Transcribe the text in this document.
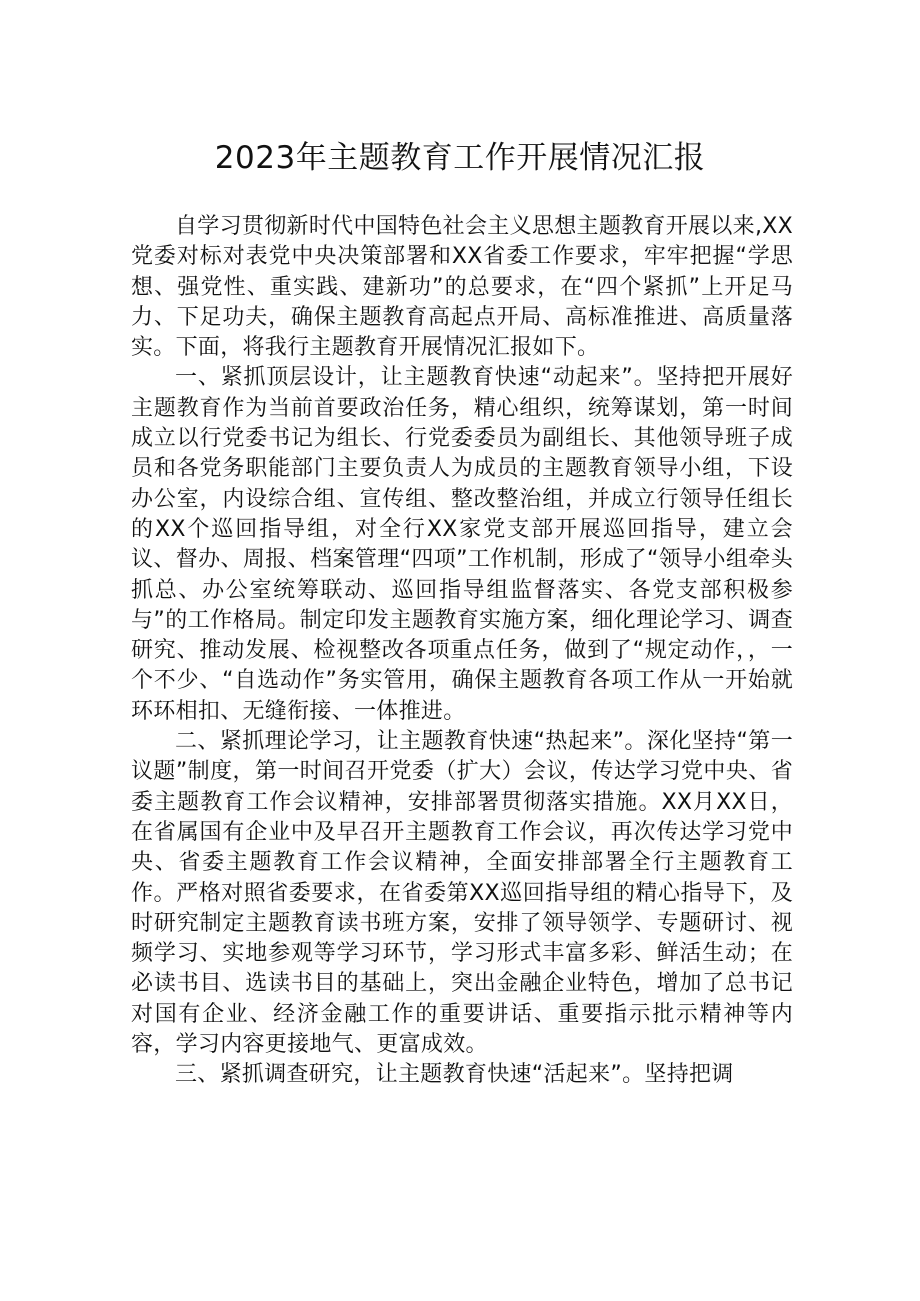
2023年主题教育工作开展情况汇报

自学习贯彻新时代中国特色社会主义思想主题教育开展以来,XX党委对标对表党中央决策部署和XX省委工作要求，牢牢把握“学思想、强党性、重实践、建新功”的总要求，在“四个紧抓”上开足马力、下足功夫，确保主题教育高起点开局、高标准推进、高质量落实。下面，将我行主题教育开展情况汇报如下。

一、紧抓顶层设计，让主题教育快速“动起来”。坚持把开展好主题教育作为当前首要政治任务，精心组织，统筹谋划，第一时间成立以行党委书记为组长、行党委委员为副组长、其他领导班子成员和各党务职能部门主要负责人为成员的主题教育领导小组，下设办公室，内设综合组、宣传组、整改整治组，并成立行领导任组长的XX个巡回指导组，对全行XX家党支部开展巡回指导，建立会议、督办、周报、档案管理“四项”工作机制，形成了“领导小组牵头抓总、办公室统筹联动、巡回指导组监督落实、各党支部积极参与”的工作格局。制定印发主题教育实施方案，细化理论学习、调查研究、推动发展、检视整改各项重点任务，做到了“规定动作，，一个不少、“自选动作”务实管用，确保主题教育各项工作从一开始就环环相扣、无缝衔接、一体推进。

二、紧抓理论学习，让主题教育快速“热起来”。深化坚持“第一议题”制度，第一时间召开党委（扩大）会议，传达学习党中央、省委主题教育工作会议精神，安排部署贯彻落实措施。XX月XX日，在省属国有企业中及早召开主题教育工作会议，再次传达学习党中央、省委主题教育工作会议精神，全面安排部署全行主题教育工作。严格对照省委要求，在省委第XX巡回指导组的精心指导下，及时研究制定主题教育读书班方案，安排了领导领学、专题研讨、视频学习、实地参观等学习环节，学习形式丰富多彩、鲜活生动；在必读书目、选读书目的基础上，突出金融企业特色，增加了总书记对国有企业、经济金融工作的重要讲话、重要指示批示精神等内容，学习内容更接地气、更富成效。

三、紧抓调查研究，让主题教育快速“活起来”。坚持把调
